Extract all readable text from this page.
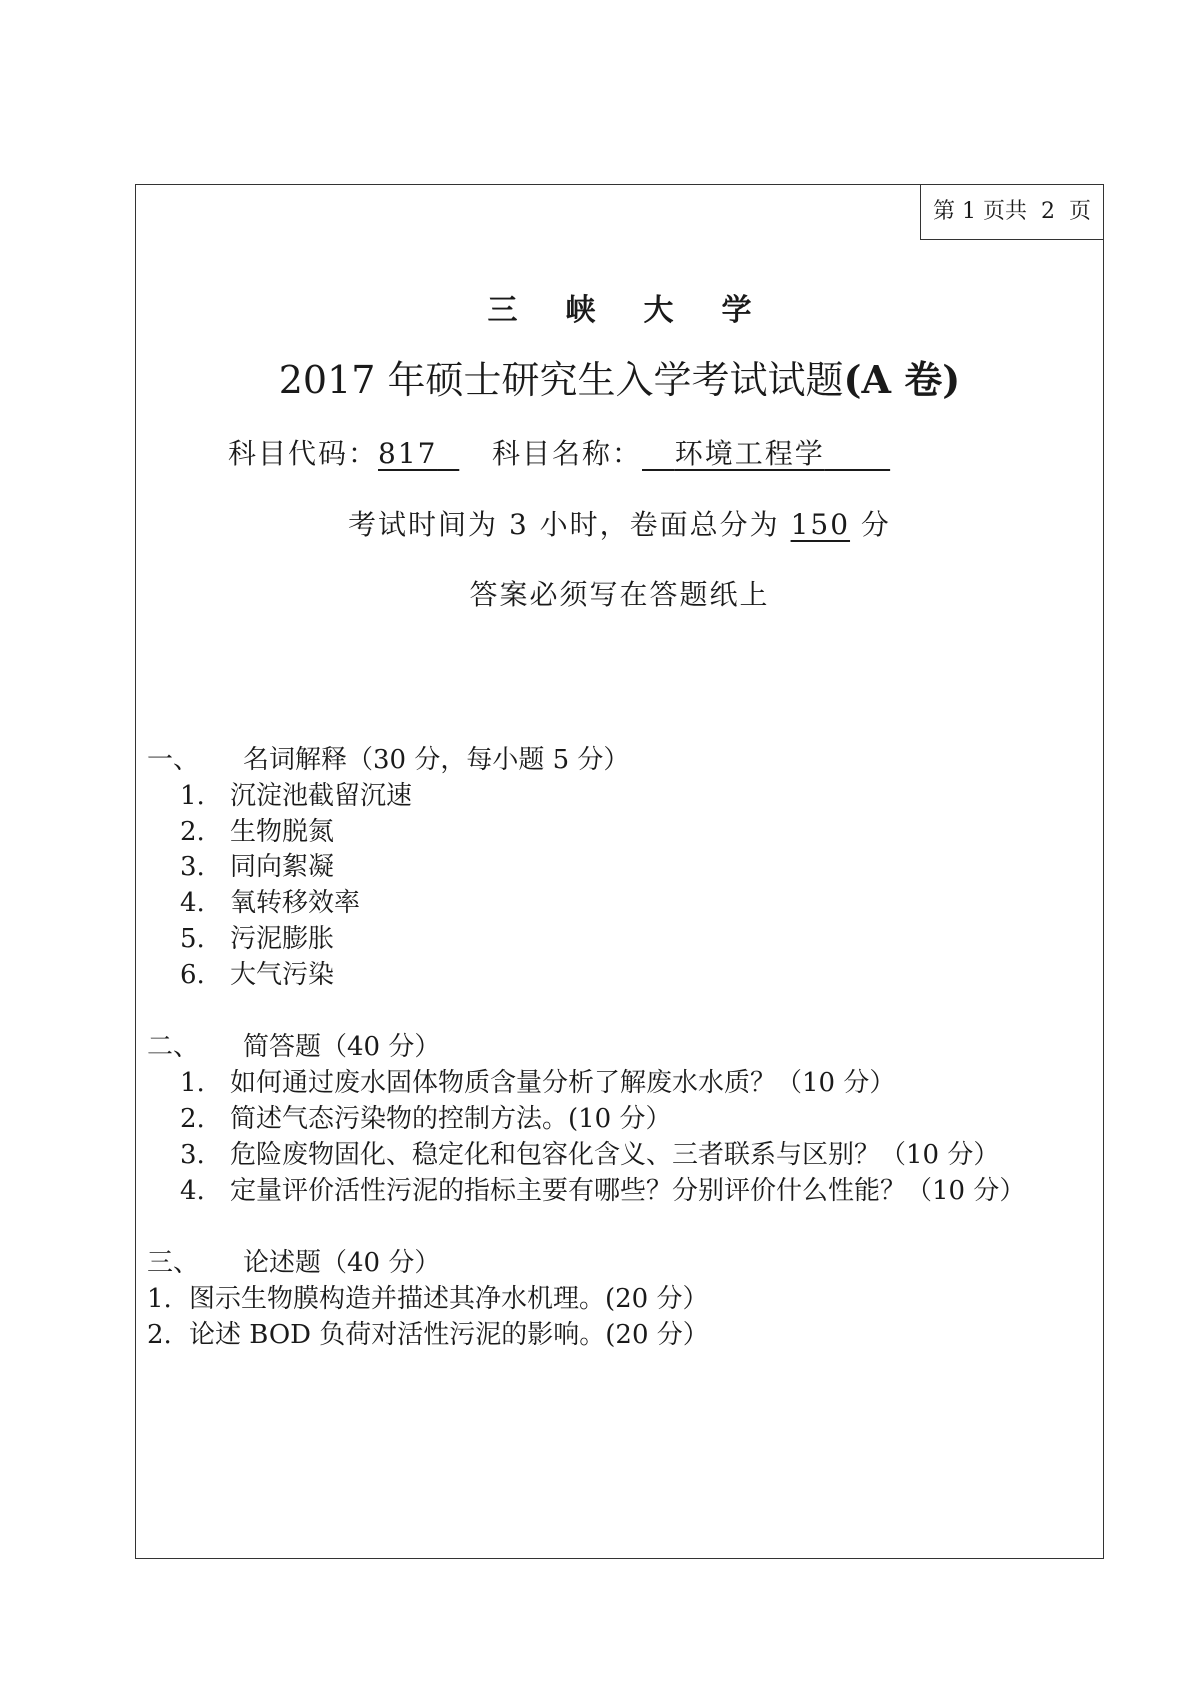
第 1 页共  2  页
三峡大学
2017 年硕士研究生入学考试试题(A 卷)
科目代码：817 科目名称： 环境工程学
考试时间为 3 小时，卷面总分为 150 分
答案必须写在答题纸上
一、 名词解释（30 分，每小题 5 分）
1. 沉淀池截留沉速
2. 生物脱氮
3. 同向絮凝
4. 氧转移效率
5. 污泥膨胀
6. 大气污染
二、 简答题（40 分）
1. 如何通过废水固体物质含量分析了解废水水质？（10 分）
2. 简述气态污染物的控制方法。(10 分）
3. 危险废物固化、稳定化和包容化含义、三者联系与区别？（10 分）
4. 定量评价活性污泥的指标主要有哪些？分别评价什么性能？（10 分）
三、 论述题（40 分）
1. 图示生物膜构造并描述其净水机理。(20 分）
2. 论述 BOD 负荷对活性污泥的影响。(20 分）
